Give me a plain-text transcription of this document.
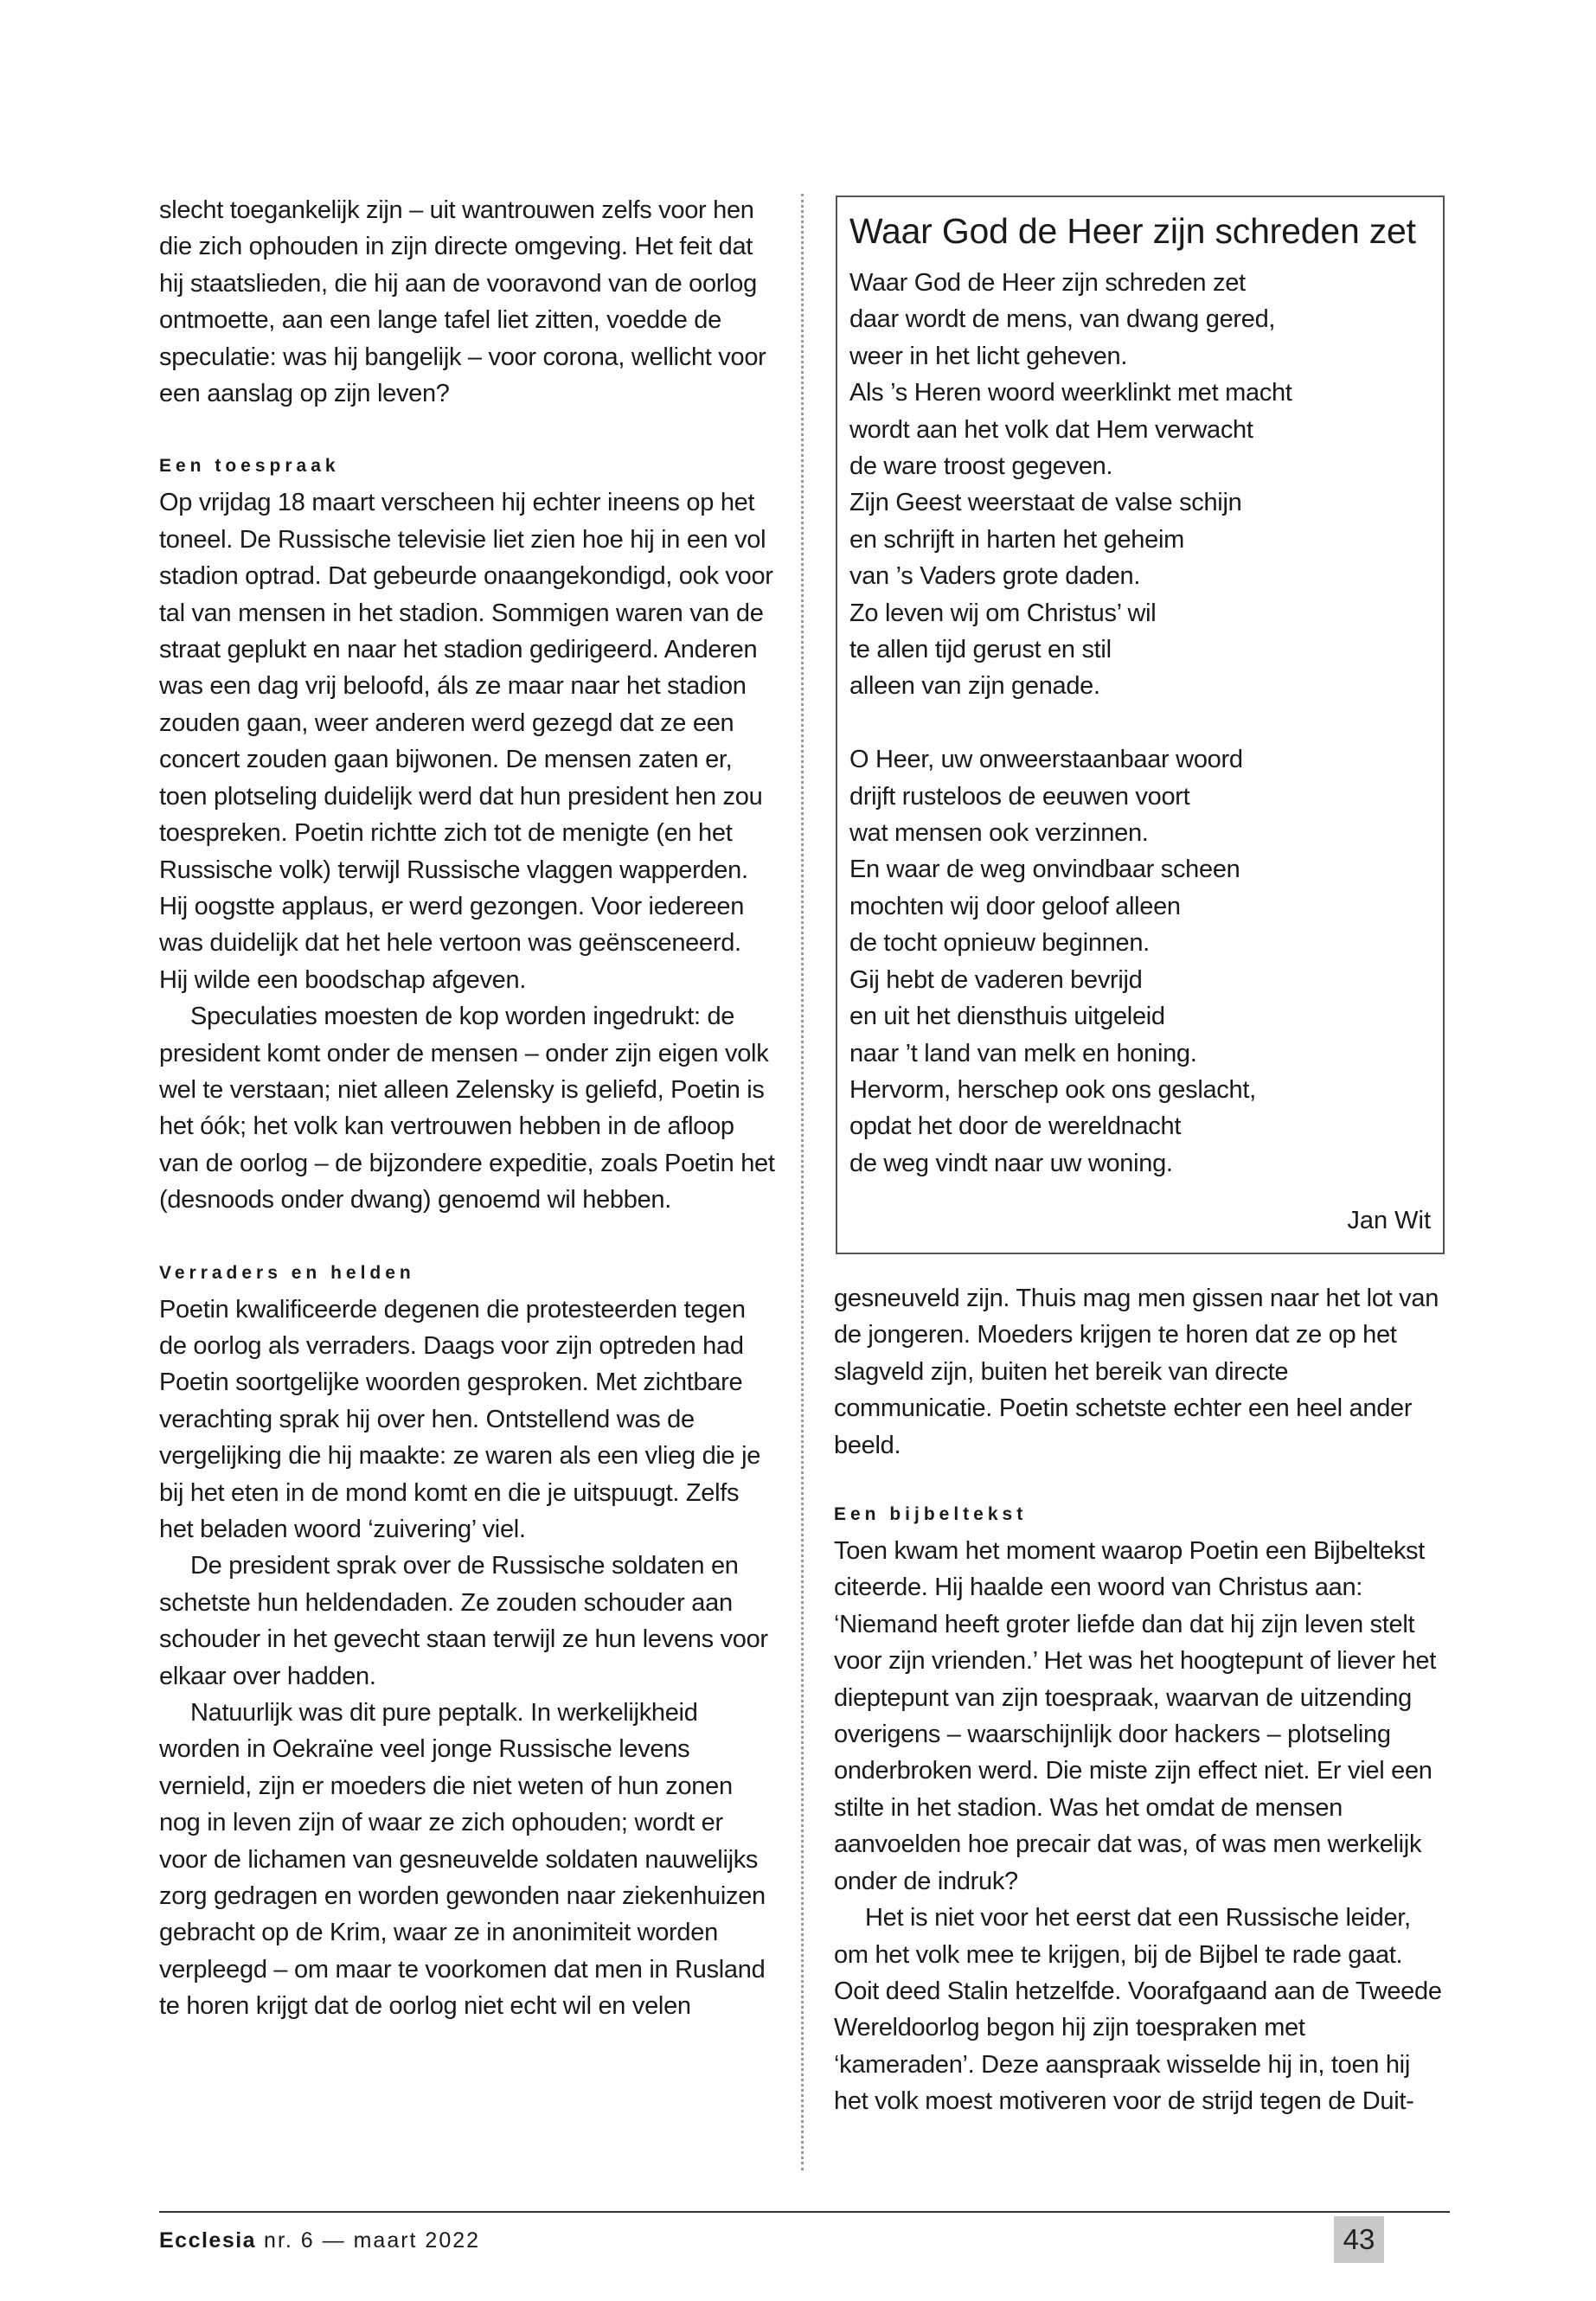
slecht toegankelijk zijn – uit wantrouwen zelfs voor hen die zich ophouden in zijn directe omgeving. Het feit dat hij staatslieden, die hij aan de vooravond van de oorlog ontmoette, aan een lange tafel liet zitten, voedde de speculatie: was hij bangelijk – voor corona, wellicht voor een aanslag op zijn leven?

Een toespraak

Op vrijdag 18 maart verscheen hij echter ineens op het toneel. De Russische televisie liet zien hoe hij in een vol stadion optrad. Dat gebeurde onaangekondigd, ook voor tal van mensen in het stadion. Sommigen waren van de straat geplukt en naar het stadion gedirigeerd. Anderen was een dag vrij beloofd, áls ze maar naar het stadion zouden gaan, weer anderen werd gezegd dat ze een concert zouden gaan bijwonen. De mensen zaten er, toen plotseling duidelijk werd dat hun president hen zou toespreken. Poetin richtte zich tot de menigte (en het Russische volk) terwijl Russische vlaggen wapperden. Hij oogstte applaus, er werd gezongen. Voor iedereen was duidelijk dat het hele vertoon was geënsceneerd. Hij wilde een boodschap afgeven.

Speculaties moesten de kop worden ingedrukt: de president komt onder de mensen – onder zijn eigen volk wel te verstaan; niet alleen Zelensky is geliefd, Poetin is het óók; het volk kan vertrouwen hebben in de afloop van de oorlog – de bijzondere expeditie, zoals Poetin het (desnoods onder dwang) genoemd wil hebben.

Verraders en helden

Poetin kwalificeerde degenen die protesteerden tegen de oorlog als verraders. Daags voor zijn optreden had Poetin soortgelijke woorden gesproken. Met zichtbare verachting sprak hij over hen. Ontstellend was de vergelijking die hij maakte: ze waren als een vlieg die je bij het eten in de mond komt en die je uitspuugt. Zelfs het beladen woord ‘zuivering’ viel.

De president sprak over de Russische soldaten en schetste hun heldendaden. Ze zouden schouder aan schouder in het gevecht staan terwijl ze hun levens voor elkaar over hadden.

Natuurlijk was dit pure peptalk. In werkelijkheid worden in Oekraïne veel jonge Russische levens vernield, zijn er moeders die niet weten of hun zonen nog in leven zijn of waar ze zich ophouden; wordt er voor de lichamen van gesneuvelde soldaten nauwelijks zorg gedragen en worden gewonden naar ziekenhuizen gebracht op de Krim, waar ze in anonimiteit worden verpleegd – om maar te voorkomen dat men in Rusland te horen krijgt dat de oorlog niet echt wil en velen

Waar God de Heer zijn schreden zet
Waar God de Heer zijn schreden zet
daar wordt de mens, van dwang gered,
weer in het licht geheven.
Als ’s Heren woord weerklinkt met macht
wordt aan het volk dat Hem verwacht
de ware troost gegeven.
Zijn Geest weerstaat de valse schijn
en schrijft in harten het geheim
van ’s Vaders grote daden.
Zo leven wij om Christus’ wil
te allen tijd gerust en stil
alleen van zijn genade.
O Heer, uw onweerstaanbaar woord
drijft rusteloos de eeuwen voort
wat mensen ook verzinnen.
En waar de weg onvindbaar scheen
mochten wij door geloof alleen
de tocht opnieuw beginnen.
Gij hebt de vaderen bevrijd
en uit het diensthuis uitgeleid
naar ’t land van melk en honing.
Hervorm, herschep ook ons geslacht,
opdat het door de wereldnacht
de weg vindt naar uw woning.
Jan Wit

gesneuveld zijn. Thuis mag men gissen naar het lot van de jongeren. Moeders krijgen te horen dat ze op het slagveld zijn, buiten het bereik van directe communicatie. Poetin schetste echter een heel ander beeld.

Een bijbeltekst

Toen kwam het moment waarop Poetin een Bijbeltekst citeerde. Hij haalde een woord van Christus aan: ‘Niemand heeft groter liefde dan dat hij zijn leven stelt voor zijn vrienden.’ Het was het hoogtepunt of liever het dieptepunt van zijn toespraak, waarvan de uitzending overigens – waarschijnlijk door hackers – plotseling onderbroken werd. Die miste zijn effect niet. Er viel een stilte in het stadion. Was het omdat de mensen aanvoelden hoe precair dat was, of was men werkelijk onder de indruk?

Het is niet voor het eerst dat een Russische leider, om het volk mee te krijgen, bij de Bijbel te rade gaat. Ooit deed Stalin hetzelfde. Voorafgaand aan de Tweede Wereldoorlog begon hij zijn toespraken met ‘kameraden’. Deze aanspraak wisselde hij in, toen hij het volk moest motiveren voor de strijd tegen de Duit-

Ecclesia nr. 6 — maart 2022	43
